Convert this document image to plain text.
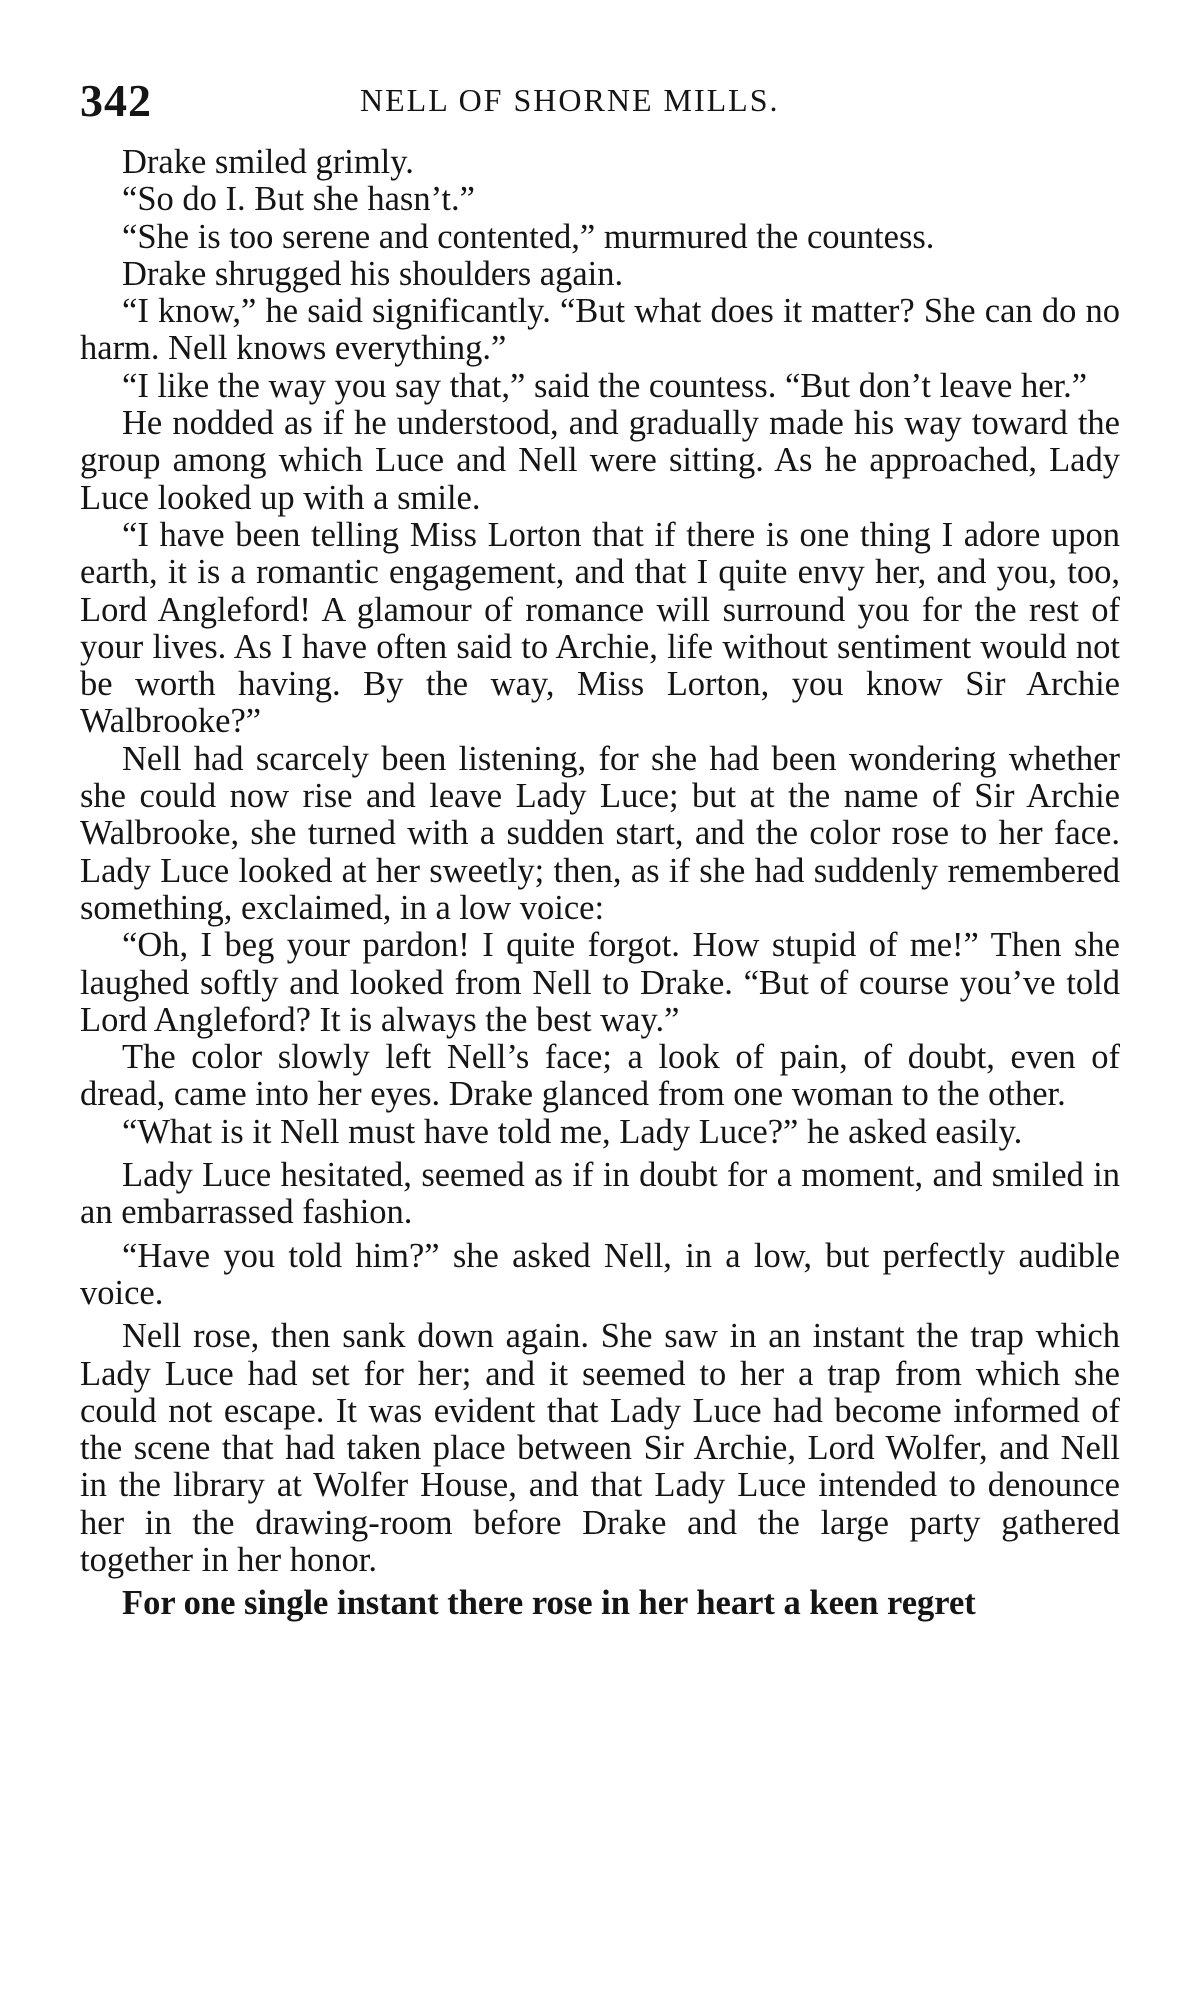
342	NELL OF SHORNE MILLS.

Drake smiled grimly.

“So do I. But she hasn’t.”

“She is too serene and contented,” murmured the countess.

Drake shrugged his shoulders again.

“I know,” he said significantly. “But what does it matter? She can do no harm. Nell knows everything.”

“I like the way you say that,” said the countess. “But don’t leave her.”

He nodded as if he understood, and gradually made his way toward the group among which Luce and Nell were sitting. As he approached, Lady Luce looked up with a smile.

“I have been telling Miss Lorton that if there is one thing I adore upon earth, it is a romantic engagement, and that I quite envy her, and you, too, Lord Angleford! A glamour of romance will surround you for the rest of your lives. As I have often said to Archie, life without sentiment would not be worth having. By the way, Miss Lorton, you know Sir Archie Walbrooke?”

Nell had scarcely been listening, for she had been wondering whether she could now rise and leave Lady Luce; but at the name of Sir Archie Walbrooke, she turned with a sudden start, and the color rose to her face. Lady Luce looked at her sweetly; then, as if she had suddenly remembered something, exclaimed, in a low voice:

“Oh, I beg your pardon! I quite forgot. How stupid of me!” Then she laughed softly and looked from Nell to Drake. “But of course you’ve told Lord Angleford? It is always the best way.”

The color slowly left Nell’s face; a look of pain, of doubt, even of dread, came into her eyes. Drake glanced from one woman to the other.

“What is it Nell must have told me, Lady Luce?” he asked easily.

Lady Luce hesitated, seemed as if in doubt for a moment, and smiled in an embarrassed fashion.

“Have you told him?” she asked Nell, in a low, but perfectly audible voice.

Nell rose, then sank down again. She saw in an instant the trap which Lady Luce had set for her; and it seemed to her a trap from which she could not escape. It was evident that Lady Luce had become informed of the scene that had taken place between Sir Archie, Lord Wolfer, and Nell in the library at Wolfer House, and that Lady Luce intended to denounce her in the drawing-room before Drake and the large party gathered together in her honor.

For one single instant there rose in her heart a keen regret
